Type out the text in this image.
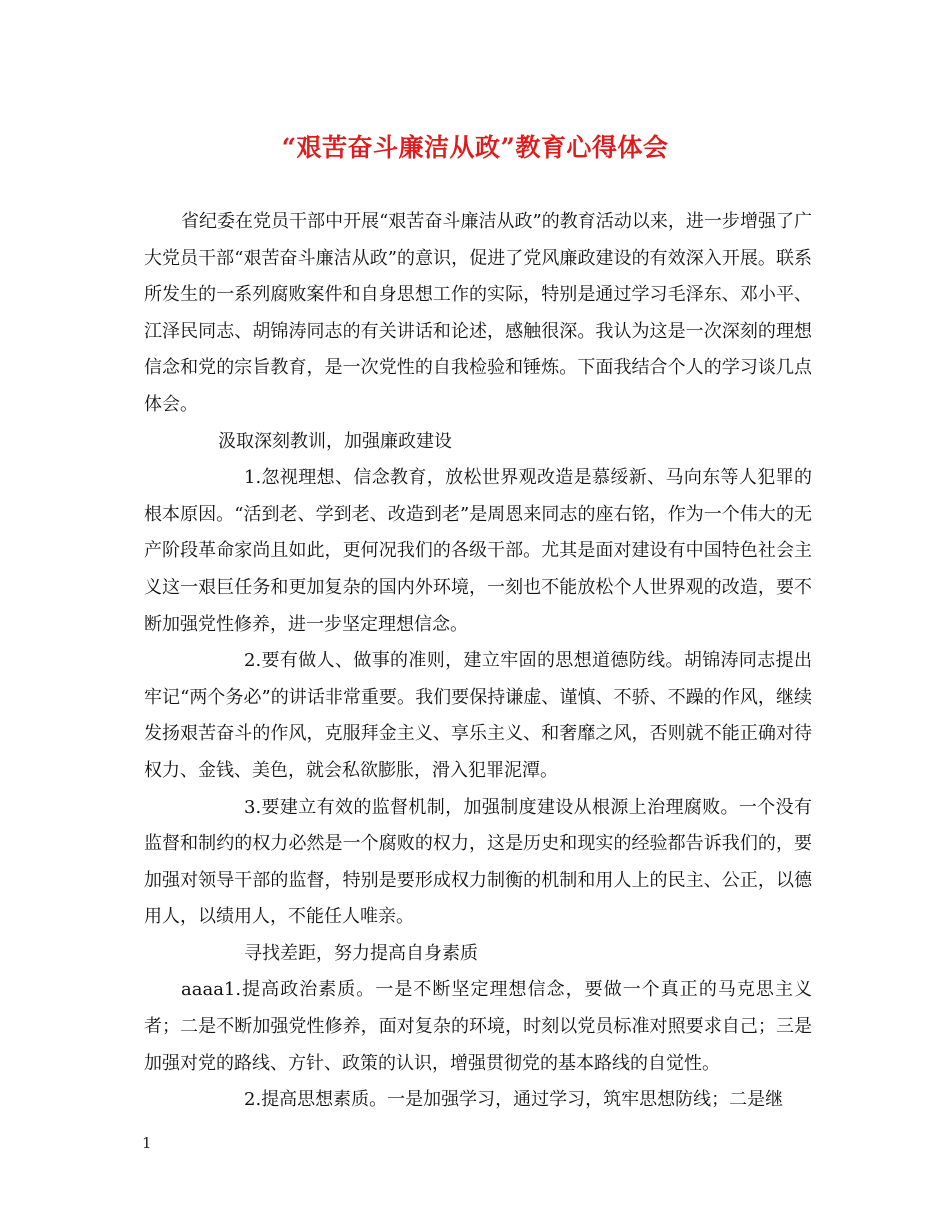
“艰苦奋斗廉洁从政”教育心得体会

省纪委在党员干部中开展“艰苦奋斗廉洁从政”的教育活动以来，进一步增强了广大党员干部“艰苦奋斗廉洁从政”的意识，促进了党风廉政建设的有效深入开展。联系所发生的一系列腐败案件和自身思想工作的实际，特别是通过学习毛泽东、邓小平、江泽民同志、胡锦涛同志的有关讲话和论述，感触很深。我认为这是一次深刻的理想信念和党的宗旨教育，是一次党性的自我检验和锤炼。下面我结合个人的学习谈几点体会。

汲取深刻教训，加强廉政建设

1.忽视理想、信念教育，放松世界观改造是慕绥新、马向东等人犯罪的根本原因。“活到老、学到老、改造到老”是周恩来同志的座右铭，作为一个伟大的无产阶段革命家尚且如此，更何况我们的各级干部。尤其是面对建设有中国特色社会主义这一艰巨任务和更加复杂的国内外环境，一刻也不能放松个人世界观的改造，要不断加强党性修养，进一步坚定理想信念。

2.要有做人、做事的准则，建立牢固的思想道德防线。胡锦涛同志提出牢记“两个务必”的讲话非常重要。我们要保持谦虚、谨慎、不骄、不躁的作风，继续发扬艰苦奋斗的作风，克服拜金主义、享乐主义、和奢靡之风，否则就不能正确对待权力、金钱、美色，就会私欲膨胀，滑入犯罪泥潭。

3.要建立有效的监督机制，加强制度建设从根源上治理腐败。一个没有监督和制约的权力必然是一个腐败的权力，这是历史和现实的经验都告诉我们的，要加强对领导干部的监督，特别是要形成权力制衡的机制和用人上的民主、公正，以德用人，以绩用人，不能任人唯亲。

寻找差距，努力提高自身素质

aaaa1.提高政治素质。一是不断坚定理想信念，要做一个真正的马克思主义者；二是不断加强党性修养，面对复杂的环境，时刻以党员标准对照要求自己；三是加强对党的路线、方针、政策的认识，增强贯彻党的基本路线的自觉性。

2.提高思想素质。一是加强学习，通过学习，筑牢思想防线；二是继

1
